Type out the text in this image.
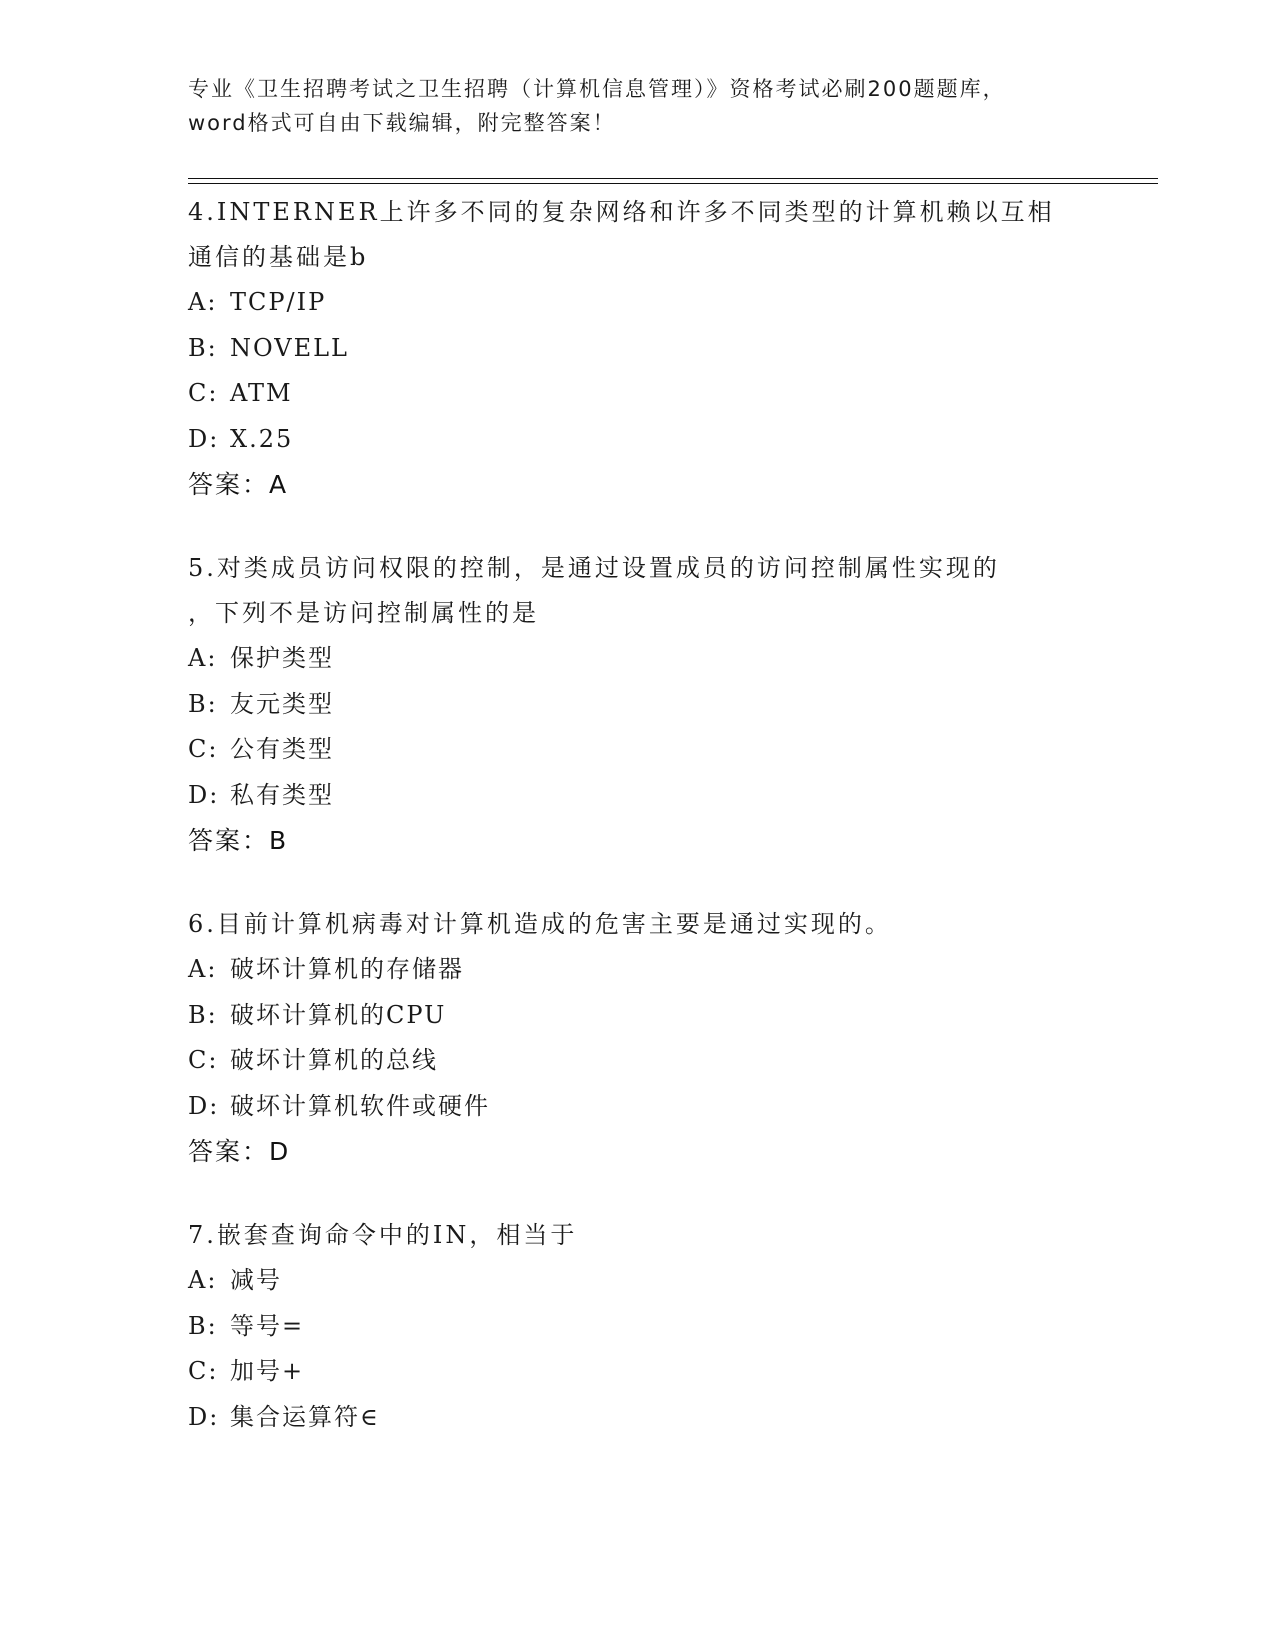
专业《卫生招聘考试之卫生招聘（计算机信息管理）》资格考试必刷200题题库，
word格式可自由下载编辑，附完整答案！
4.INTERNER上许多不同的复杂网络和许多不同类型的计算机赖以互相
通信的基础是b
A: TCP/IP
B: NOVELL
C: ATM
D: X.25
答案：A
5.对类成员访问权限的控制，是通过设置成员的访问控制属性实现的
，下列不是访问控制属性的是
A: 保护类型
B: 友元类型
C: 公有类型
D: 私有类型
答案：B
6.目前计算机病毒对计算机造成的危害主要是通过实现的。
A: 破坏计算机的存储器
B: 破坏计算机的CPU
C: 破坏计算机的总线
D: 破坏计算机软件或硬件
答案：D
7.嵌套查询命令中的IN，相当于
A: 减号
B: 等号=
C: 加号+
D: 集合运算符∈
